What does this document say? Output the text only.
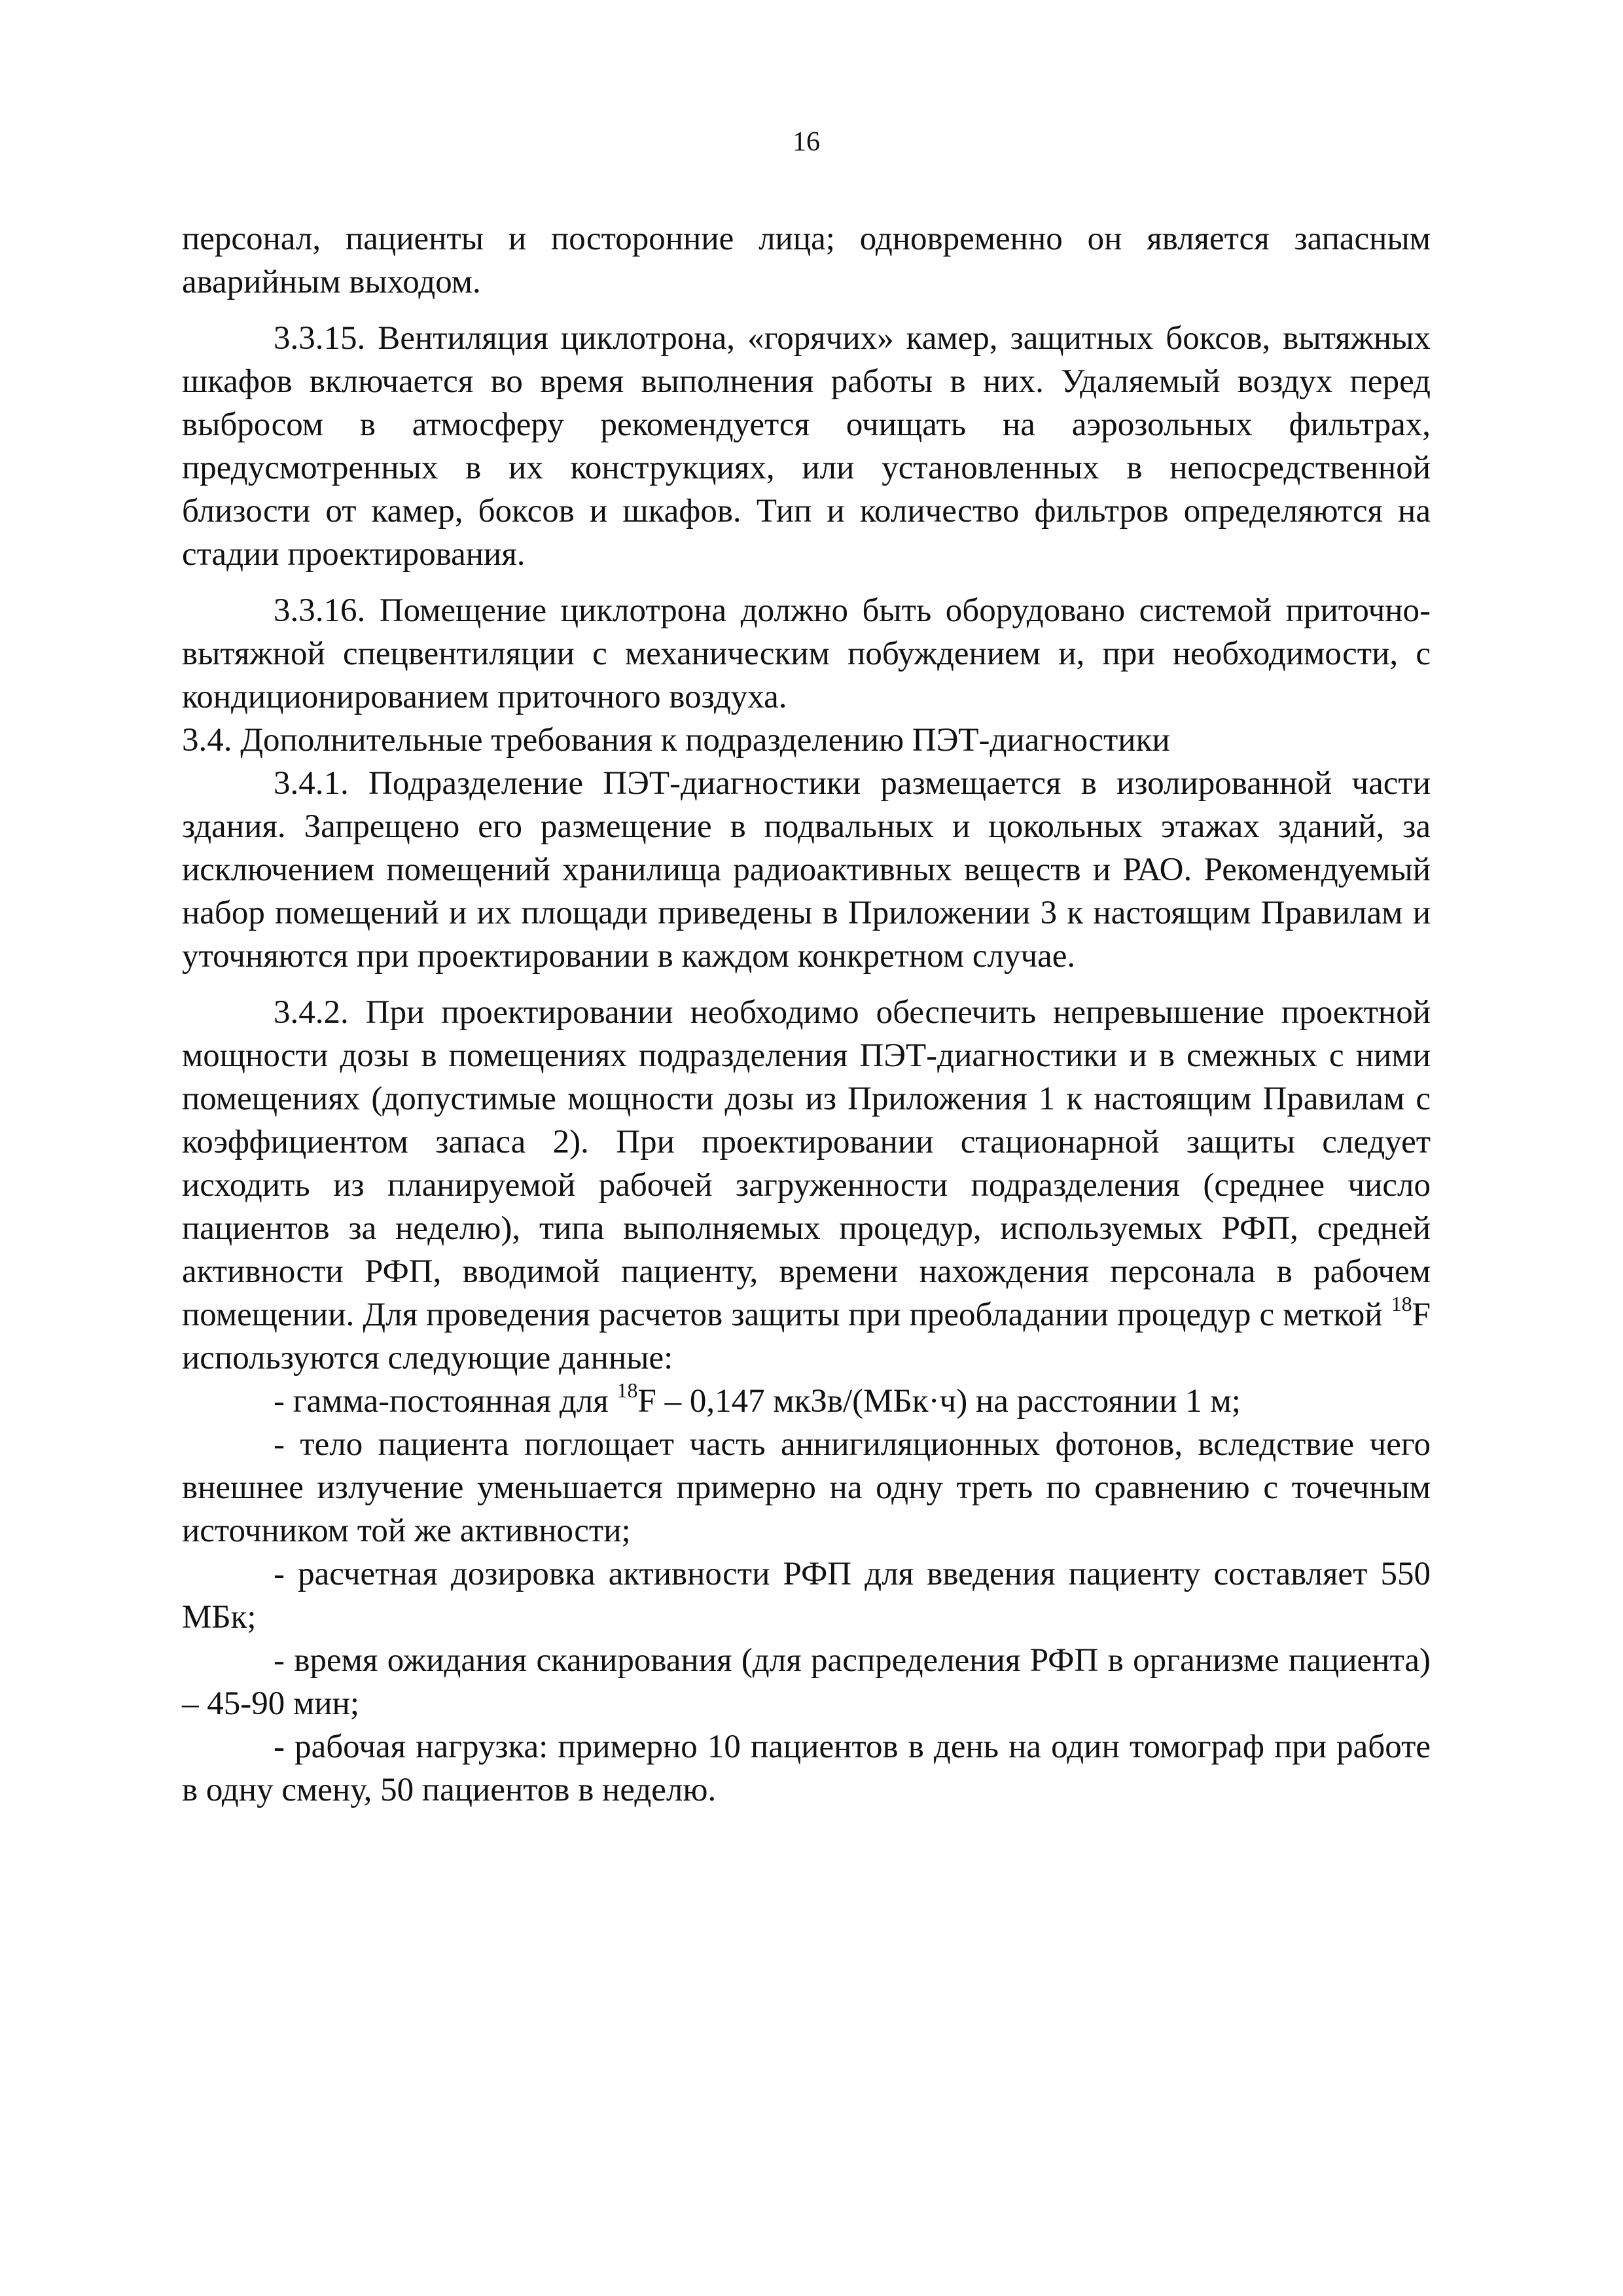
16

персонал, пациенты и посторонние лица; одновременно он является запасным аварийным выходом.

3.3.15. Вентиляция циклотрона, «горячих» камер, защитных боксов, вытяжных шкафов включается во время выполнения работы в них. Удаляемый воздух перед выбросом в атмосферу рекомендуется очищать на аэрозольных фильтрах, предусмотренных в их конструкциях, или установленных в непосредственной близости от камер, боксов и шкафов. Тип и количество фильтров определяются на стадии проектирования.

3.3.16. Помещение циклотрона должно быть оборудовано системой приточно-вытяжной спецвентиляции с механическим побуждением и, при необходимости, с кондиционированием приточного воздуха.

3.4. Дополнительные требования к подразделению ПЭТ-диагностики

3.4.1. Подразделение ПЭТ-диагностики размещается в изолированной части здания. Запрещено его размещение в подвальных и цокольных этажах зданий, за исключением помещений хранилища радиоактивных веществ и РАО. Рекомендуемый набор помещений и их площади приведены в Приложении 3 к настоящим Правилам и уточняются при проектировании в каждом конкретном случае.

3.4.2. При проектировании необходимо обеспечить непревышение проектной мощности дозы в помещениях подразделения ПЭТ-диагностики и в смежных с ними помещениях (допустимые мощности дозы из Приложения 1 к настоящим Правилам с коэффициентом запаса 2). При проектировании стационарной защиты следует исходить из планируемой рабочей загруженности подразделения (среднее число пациентов за неделю), типа выполняемых процедур, используемых РФП, средней активности РФП, вводимой пациенту, времени нахождения персонала в рабочем помещении. Для проведения расчетов защиты при преобладании процедур с меткой $^{18}$F используются следующие данные:

- гамма-постоянная для $^{18}$F – 0,147 мкЗв/(МБк·ч) на расстоянии 1 м;

- тело пациента поглощает часть аннигиляционных фотонов, вследствие чего внешнее излучение уменьшается примерно на одну треть по сравнению с точечным источником той же активности;

- расчетная дозировка активности РФП для введения пациенту составляет 550 МБк;

- время ожидания сканирования (для распределения РФП в организме пациента) – 45-90 мин;

- рабочая нагрузка: примерно 10 пациентов в день на один томограф при работе в одну смену, 50 пациентов в неделю.
